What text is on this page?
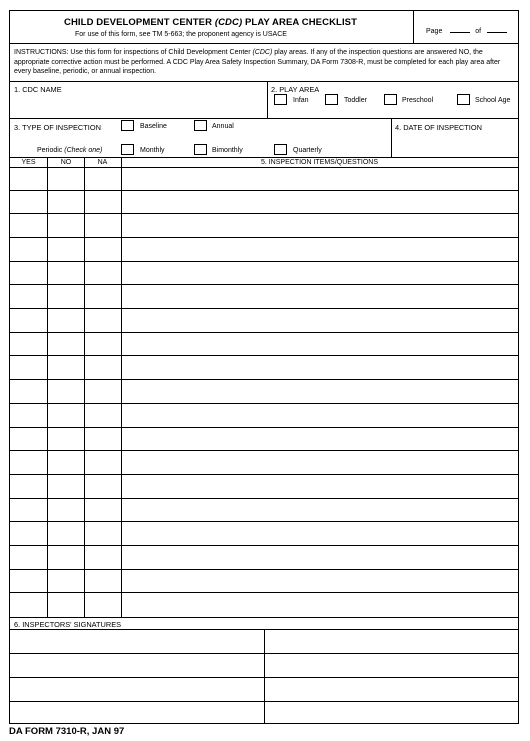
CHILD DEVELOPMENT CENTER (CDC) PLAY AREA CHECKLIST
For use of this form, see TM 5-663; the proponent agency is USACE	Page	of
INSTRUCTIONS: Use this form for inspections of Child Development Center (CDC) play areas. If any of the inspection questions are answered NO, the appropriate corrective action must be performed. A CDC Play Area Safety Inspection Summary, DA Form 7308-R, must be completed for each play area after every baseline, periodic, or annual inspection.
1. CDC NAME	2. PLAY AREA
Infan	Toddler	Preschool	School Age
3. TYPE OF INSPECTION	Baseline	Annual
Periodic (Check one)	Monthly	Bimonthly	Quarterly
4. DATE OF INSPECTION
YES	NO	NA	5. INSPECTION ITEMS/QUESTIONS
6. INSPECTORS' SIGNATURES
DA FORM 7310-R, JAN 97
